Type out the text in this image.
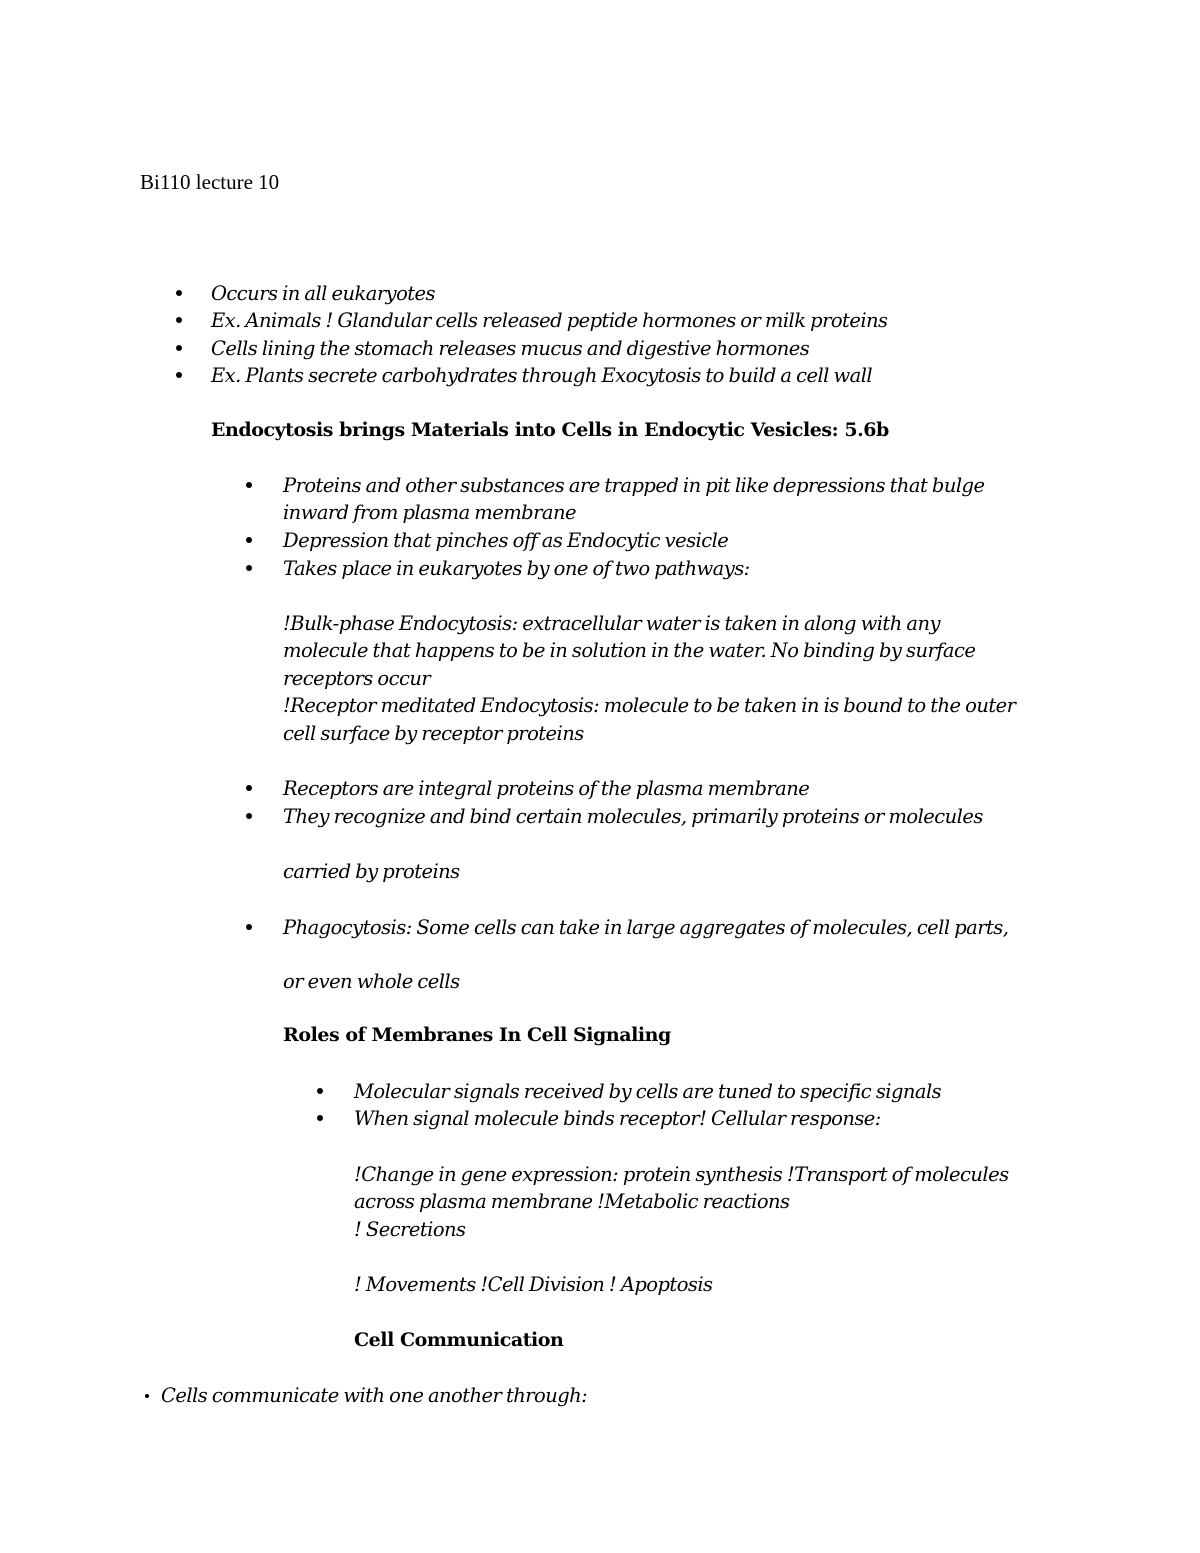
Bi110 lecture 10
Occurs in all eukaryotes
Ex. Animals ! Glandular cells released peptide hormones or milk proteins
Cells lining the stomach releases mucus and digestive hormones
Ex. Plants secrete carbohydrates through Exocytosis to build a cell wall
Endocytosis brings Materials into Cells in Endocytic Vesicles: 5.6b
Proteins and other substances are trapped in pit like depressions that bulge
inward from plasma membrane
Depression that pinches off as Endocytic vesicle
Takes place in eukaryotes by one of two pathways:
!Bulk-phase Endocytosis: extracellular water is taken in along with any
molecule that happens to be in solution in the water. No binding by surface
receptors occur
!Receptor meditated Endocytosis: molecule to be taken in is bound to the outer
cell surface by receptor proteins
Receptors are integral proteins of the plasma membrane
They recognize and bind certain molecules, primarily proteins or molecules
carried by proteins
Phagocytosis: Some cells can take in large aggregates of molecules, cell parts,
or even whole cells
Roles of Membranes In Cell Signaling
Molecular signals received by cells are tuned to specific signals
When signal molecule binds receptor! Cellular response:
!Change in gene expression: protein synthesis !Transport of molecules
across plasma membrane !Metabolic reactions
! Secretions
! Movements !Cell Division ! Apoptosis
Cell Communication
Cells communicate with one another through:
